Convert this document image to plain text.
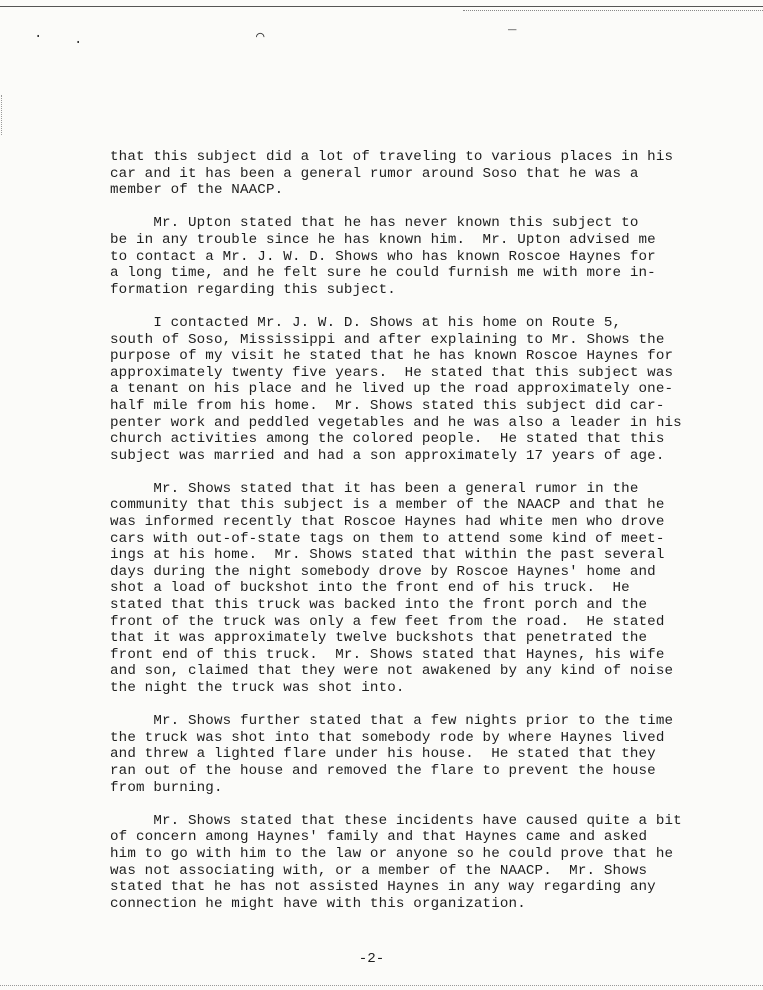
· ·	⌒	‾
that this subject did a lot of traveling to various places in his
car and it has been a general rumor around Soso that he was a
member of the NAACP.
Mr. Upton stated that he has never known this subject to
be in any trouble since he has known him.  Mr. Upton advised me
to contact a Mr. J. W. D. Shows who has known Roscoe Haynes for
a long time, and he felt sure he could furnish me with more in-
formation regarding this subject.
I contacted Mr. J. W. D. Shows at his home on Route 5,
south of Soso, Mississippi and after explaining to Mr. Shows the
purpose of my visit he stated that he has known Roscoe Haynes for
approximately twenty five years.  He stated that this subject was
a tenant on his place and he lived up the road approximately one-
half mile from his home.  Mr. Shows stated this subject did car-
penter work and peddled vegetables and he was also a leader in his
church activities among the colored people.  He stated that this
subject was married and had a son approximately 17 years of age.
Mr. Shows stated that it has been a general rumor in the
community that this subject is a member of the NAACP and that he
was informed recently that Roscoe Haynes had white men who drove
cars with out-of-state tags on them to attend some kind of meet-
ings at his home.  Mr. Shows stated that within the past several
days during the night somebody drove by Roscoe Haynes' home and
shot a load of buckshot into the front end of his truck.  He
stated that this truck was backed into the front porch and the
front of the truck was only a few feet from the road.  He stated
that it was approximately twelve buckshots that penetrated the
front end of this truck.  Mr. Shows stated that Haynes, his wife
and son, claimed that they were not awakened by any kind of noise
the night the truck was shot into.
Mr. Shows further stated that a few nights prior to the time
the truck was shot into that somebody rode by where Haynes lived
and threw a lighted flare under his house.  He stated that they
ran out of the house and removed the flare to prevent the house
from burning.
Mr. Shows stated that these incidents have caused quite a bit
of concern among Haynes' family and that Haynes came and asked
him to go with him to the law or anyone so he could prove that he
was not associating with, or a member of the NAACP.  Mr. Shows
stated that he has not assisted Haynes in any way regarding any
connection he might have with this organization.
-2-
